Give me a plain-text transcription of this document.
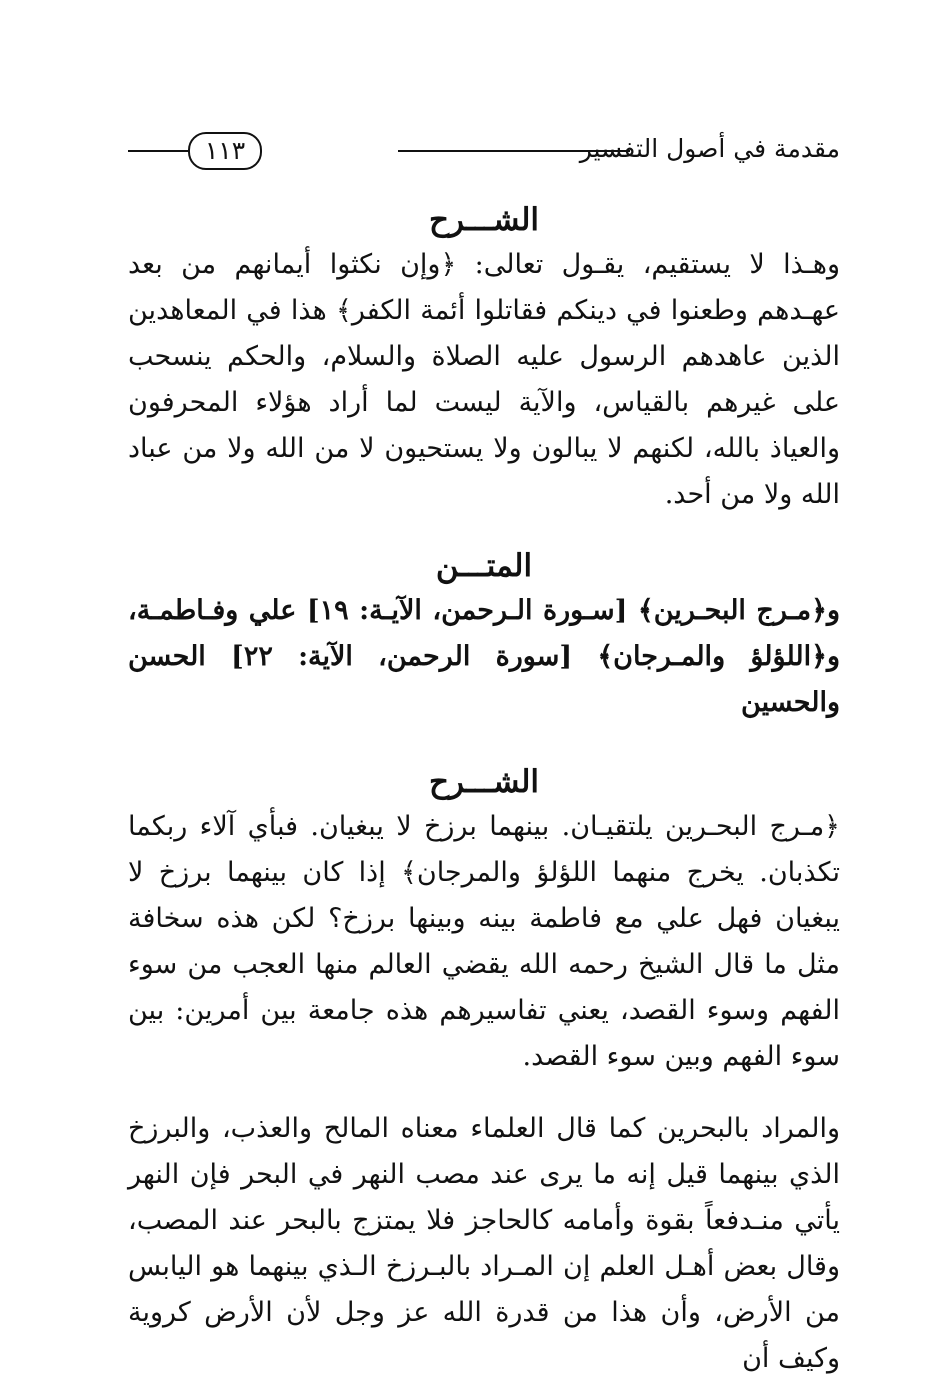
مقدمة في أصول التفسير
١١٣
الشـــرح

وهـذا لا يستقيم، يقـول تعالى: ﴿وإن نكثوا أيمانهم من بعد عهـدهم وطعنوا في دينكم فقاتلوا أئمة الكفر﴾ هذا في المعاهدين الذين عاهدهم الرسول عليه الصلاة والسلام، والحكم ينسحب على غيرهم بالقياس، والآية ليست لما أراد هؤلاء المحرفون والعياذ بالله، لكنهم لا يبالون ولا يستحيون لا من الله ولا من عباد الله ولا من أحد.

المتـــن

و﴿مـرج البحـرين﴾ [سـورة الـرحمن، الآيـة: ١٩] علي وفـاطمـة، و﴿اللؤلؤ والمـرجان﴾ [سورة الرحمن، الآية: ٢٢] الحسن والحسين

الشـــرح

﴿مـرج البحـرين يلتقيـان. بينهما برزخ لا يبغيان. فبأي آلاء ربكما تكذبان. يخرج منهما اللؤلؤ والمرجان﴾ إذا كان بينهما برزخ لا يبغيان فهل علي مع فاطمة بينه وبينها برزخ؟ لكن هذه سخافة مثل ما قال الشيخ رحمه الله يقضي العالم منها العجب من سوء الفهم وسوء القصد، يعني تفاسيرهم هذه جامعة بين أمرين: بين سوء الفهم وبين سوء القصد.

والمراد بالبحرين كما قال العلماء معناه المالح والعذب، والبرزخ الذي بينهما قيل إنه ما يرى عند مصب النهر في البحر فإن النهر يأتي منـدفعاً بقوة وأمامه كالحاجز فلا يمتزج بالبحر عند المصب، وقال بعض أهـل العلم إن المـراد بالبـرزخ الـذي بينهما هو اليابس من الأرض، وأن هذا من قدرة الله عز وجل لأن الأرض كروية وكيف أن
